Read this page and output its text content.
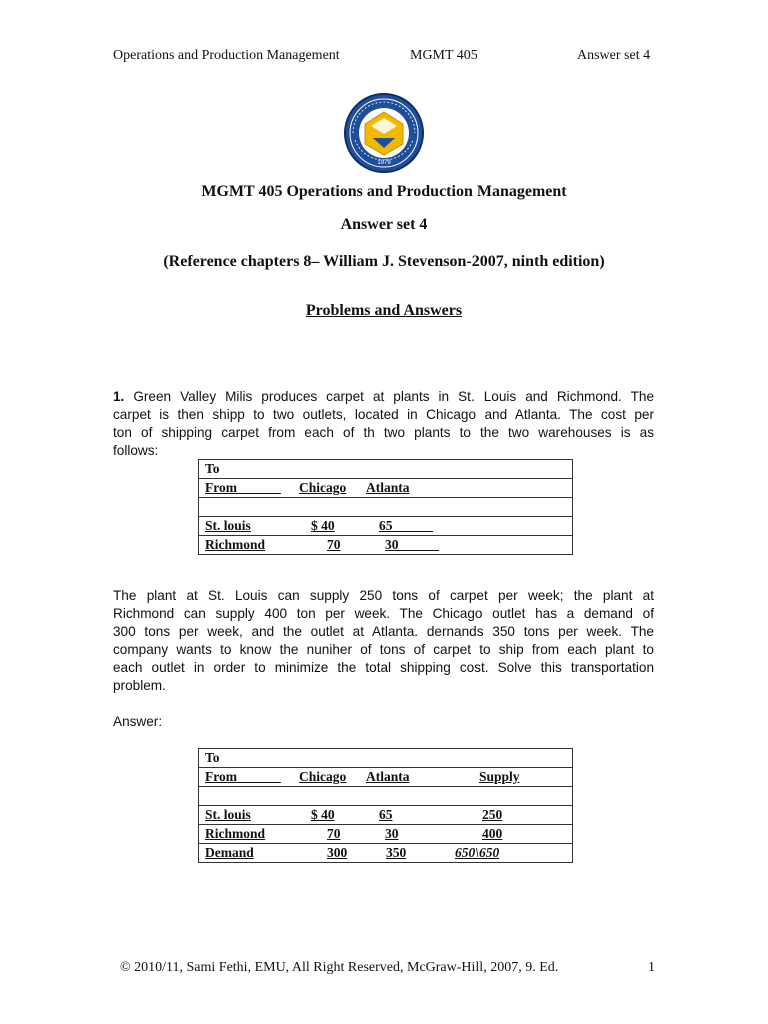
Operations and Production Management	MGMT 405	Answer set 4
1979
MGMT 405 Operations and Production Management
Answer set 4
(Reference chapters 8– William J. Stevenson-2007, ninth edition)
Problems and Answers
1. Green Valley Milis produces carpet at plants in St. Louis and Richmond. The
carpet is then shipp to two outlets, located in Chicago and Atlanta. The cost per
ton of shipping carpet from each of th two plants to the two warehouses is as
follows:
To
From	Chicago Atlanta
St. louis	$ 40	65
Richmond	70	30
The plant at St. Louis can supply 250 tons of carpet per week; the plant at
Richmond can supply 400 ton per week. The Chicago outlet has a demand of
300 tons per week, and the outlet at Atlanta. dernands 350 tons per week. The
company wants to know the nuniher of tons of carpet to ship from each plant to
each outlet in order to minimize the total shipping cost. Solve this transportation
problem.
Answer:
To
From	Chicago Atlanta	Supply
St. louis	$ 40	65	250
Richmond	70	30	400
Demand	300	350	650\650
© 2010/11, Sami Fethi, EMU, All Right Reserved, McGraw-Hill, 2007, 9. Ed.	1
